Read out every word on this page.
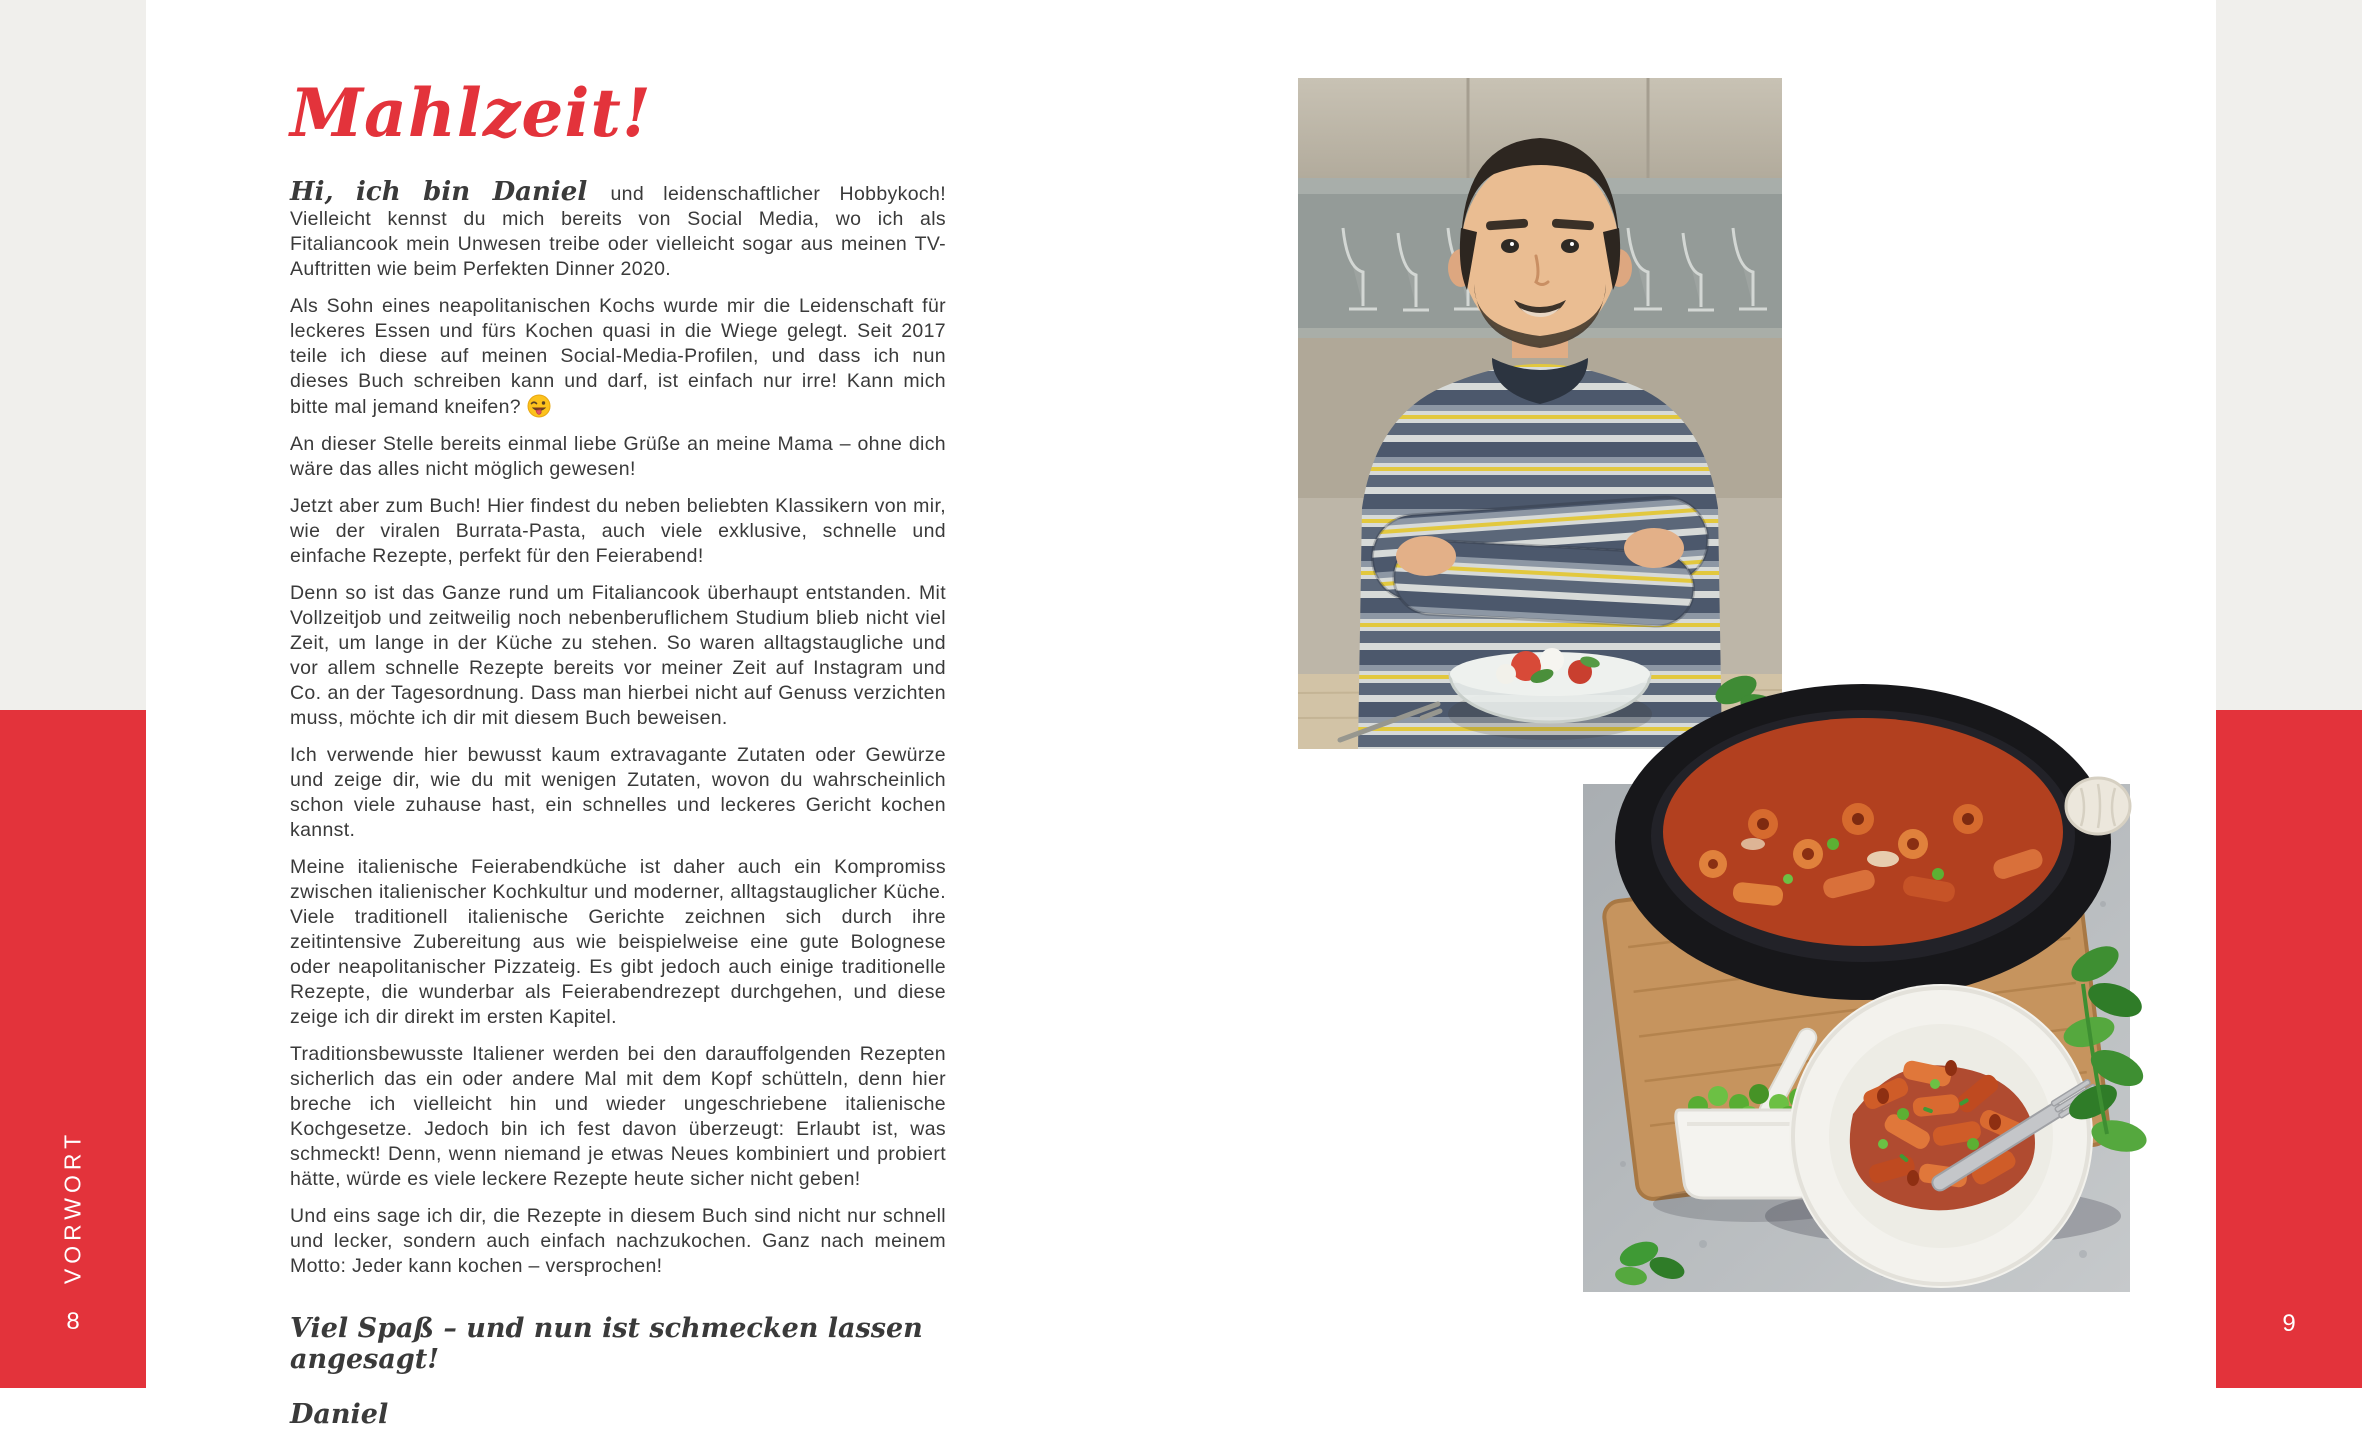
VORWORT
8	9
Mahlzeit!

Hi, ich bin Daniel und leidenschaftlicher Hobbykoch! Vielleicht kennst du mich bereits von Social Media, wo ich als Fitaliancook mein Unwesen treibe oder vielleicht sogar aus meinen TV-Auftritten wie beim Perfekten Dinner 2020.

Als Sohn eines neapolitanischen Kochs wurde mir die Leidenschaft für leckeres Essen und fürs Kochen quasi in die Wiege gelegt. Seit 2017 teile ich diese auf meinen Social-Media-Profilen, und dass ich nun dieses Buch schreiben kann und darf, ist einfach nur irre! Kann mich bitte mal jemand kneifen?

An dieser Stelle bereits einmal liebe Grüße an meine Mama – ohne dich wäre das alles nicht möglich gewesen!

Jetzt aber zum Buch! Hier findest du neben beliebten Klassikern von mir, wie der viralen Burrata-Pasta, auch viele exklusive, schnelle und einfache Rezepte, perfekt für den Feierabend!

Denn so ist das Ganze rund um Fitaliancook überhaupt entstanden. Mit Vollzeitjob und zeitweilig noch nebenberuflichem Studium blieb nicht viel Zeit, um lange in der Küche zu stehen. So waren alltagstaugliche und vor allem schnelle Rezepte bereits vor meiner Zeit auf Instagram und Co. an der Tagesordnung. Dass man hierbei nicht auf Genuss verzichten muss, möchte ich dir mit diesem Buch beweisen.

Ich verwende hier bewusst kaum extravagante Zutaten oder Gewürze und zeige dir, wie du mit wenigen Zutaten, wovon du wahrscheinlich schon viele zuhause hast, ein schnelles und leckeres Gericht kochen kannst.

Meine italienische Feierabendküche ist daher auch ein Kompromiss zwischen italienischer Kochkultur und moderner, alltagstauglicher Küche. Viele traditionell italienische Gerichte zeichnen sich durch ihre zeitintensive Zubereitung aus wie beispielweise eine gute Bolognese oder neapolitanischer Pizzateig. Es gibt jedoch auch einige traditionelle Rezepte, die wunderbar als Feierabendrezept durchgehen, und diese zeige ich dir direkt im ersten Kapitel.

Traditionsbewusste Italiener werden bei den darauffolgenden Rezepten sicherlich das ein oder andere Mal mit dem Kopf schütteln, denn hier breche ich vielleicht hin und wieder ungeschriebene italienische Kochgesetze. Jedoch bin ich fest davon überzeugt: Erlaubt ist, was schmeckt! Denn, wenn niemand je etwas Neues kombiniert und probiert hätte, würde es viele leckere Rezepte heute sicher nicht geben!

Und eins sage ich dir, die Rezepte in diesem Buch sind nicht nur schnell und lecker, sondern auch einfach nachzukochen. Ganz nach meinem Motto: Jeder kann kochen – versprochen!

Viel Spaß – und nun ist schmecken lassen angesagt!

Daniel
